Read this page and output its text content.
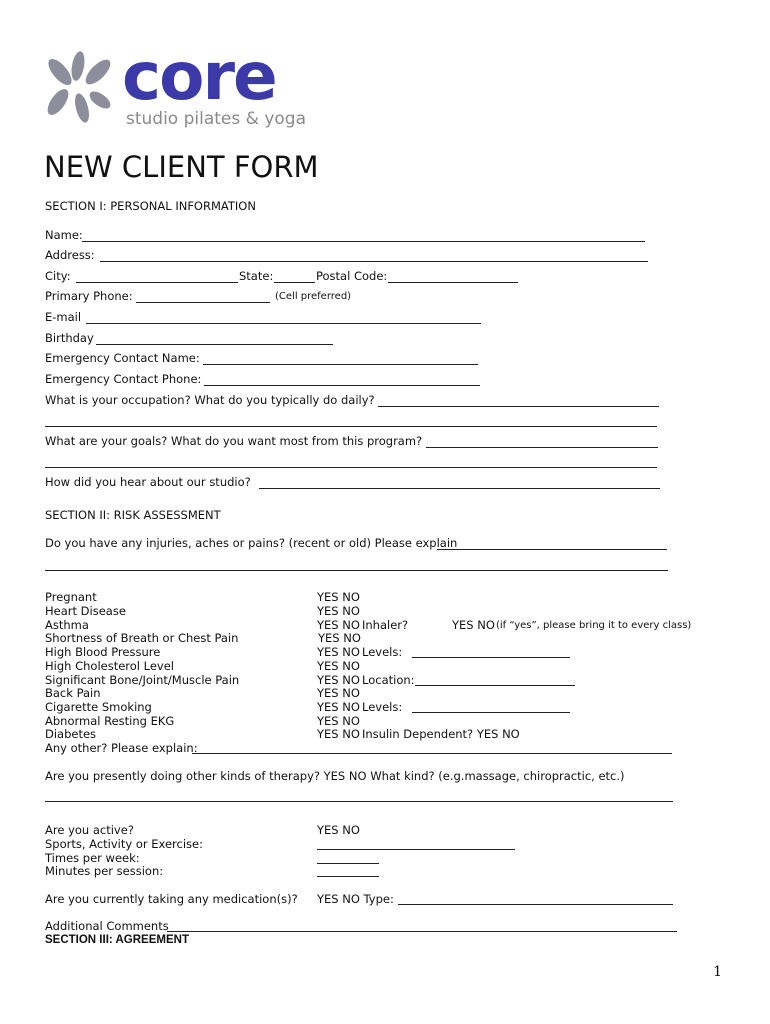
core
studio pilates & yoga
NEW CLIENT FORM
SECTION I: PERSONAL INFORMATION
Name:
Address:
City:	State:	Postal Code:
Primary Phone:	(Cell preferred)
E-mail
Birthday
Emergency Contact Name:
Emergency Contact Phone:
What is your occupation? What do you typically do daily?
What are your goals? What do you want most from this program?
How did you hear about our studio?
SECTION II: RISK ASSESSMENT
Do you have any injuries, aches or pains? (recent or old) Please explain
Pregnant	YES NO
Heart Disease	YES NO
Asthma	YES NO Inhaler?	YES NO (if “yes”, please bring it to every class)
Shortness of Breath or Chest Pain	YES NO
High Blood Pressure	YES NO Levels:
High Cholesterol Level	YES NO
Significant Bone/Joint/Muscle Pain	YES NO Location:
Back Pain	YES NO
Cigarette Smoking	YES NO Levels:
Abnormal Resting EKG	YES NO
Diabetes	YES NO Insulin Dependent? YES NO
Any other? Please explain:
Are you presently doing other kinds of therapy? YES NO What kind? (e.g.massage, chiropractic, etc.)
Are you active?	YES NO
Sports, Activity or Exercise:
Times per week:
Minutes per session:
Are you currently taking any medication(s)? YES NO Type:
Additional Comments
SECTION III: AGREEMENT
1
